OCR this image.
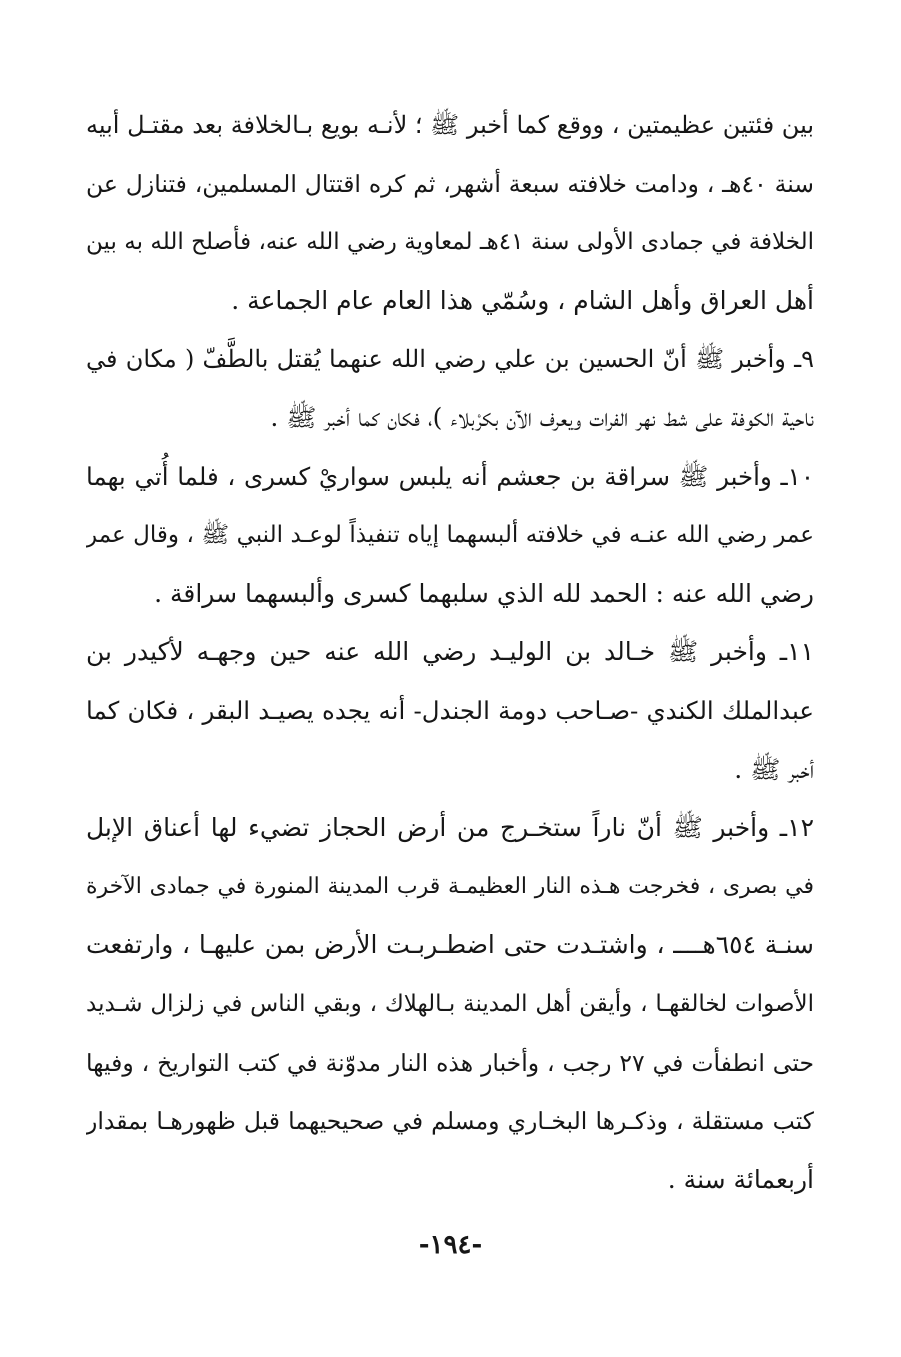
بين فئتين عظيمتين ، ووقع كما أخبر ﷺ ؛ لأنـه بويع بـالخلافة بعد مقتـل أبيه
سنة ٤٠هـ ، ودامت خلافته سبعة أشهر، ثم كره اقتتال المسلمين، فتنازل عن
الخلافة في جمادى الأولى سنة ٤١هـ لمعاوية رضي الله عنه، فأصلح الله به بين
أهل العراق وأهل الشام ، وسُمّي هذا العام عام الجماعة .
٩ـ وأخبر ﷺ أنّ الحسين بن علي رضي الله عنهما يُقتل بالطَّفّ ( مكان في
ناحية الكوفة على شط نهر الفرات ويعرف الآن بكرْبلاء )، فكان كما أخبر ﷺ .
١٠ـ وأخبر ﷺ سراقة بن جعشم أنه يلبس سواريْ كسرى ، فلما أُتي بهما
عمر رضي الله عنـه في خلافته ألبسهما إياه تنفيذاً لوعـد النبي ﷺ ، وقال عمر
رضي الله عنه : الحمد لله الذي سلبهما كسرى وألبسهما سراقة .
١١ـ وأخبر ﷺ خـالد بن الوليـد رضي الله عنه حين وجهـه لأكيدر بن
عبدالملك الكندي -صـاحب دومة الجندل- أنه يجده يصيـد البقر ، فكان كما
أخبر ﷺ .
١٢ـ وأخبر ﷺ أنّ ناراً ستخـرج من أرض الحجاز تضيء لها أعناق الإبل
في بصرى ، فخرجت هـذه النار العظيمـة قرب المدينة المنورة في جمادى الآخرة
سنـة ٦٥٤هــــ ، واشتـدت حتى اضطـربـت الأرض بمن عليهـا ، وارتفعت
الأصوات لخالقهـا ، وأيقن أهل المدينة بـالهلاك ، وبقي الناس في زلزال شـديد
حتى انطفأت في ٢٧ رجب ، وأخبار هذه النار مدوّنة في كتب التواريخ ، وفيها
كتب مستقلة ، وذكـرها البخـاري ومسلم في صحيحيهما قبل ظهورهـا بمقدار
أربعمائة سنة .
-١٩٤-
